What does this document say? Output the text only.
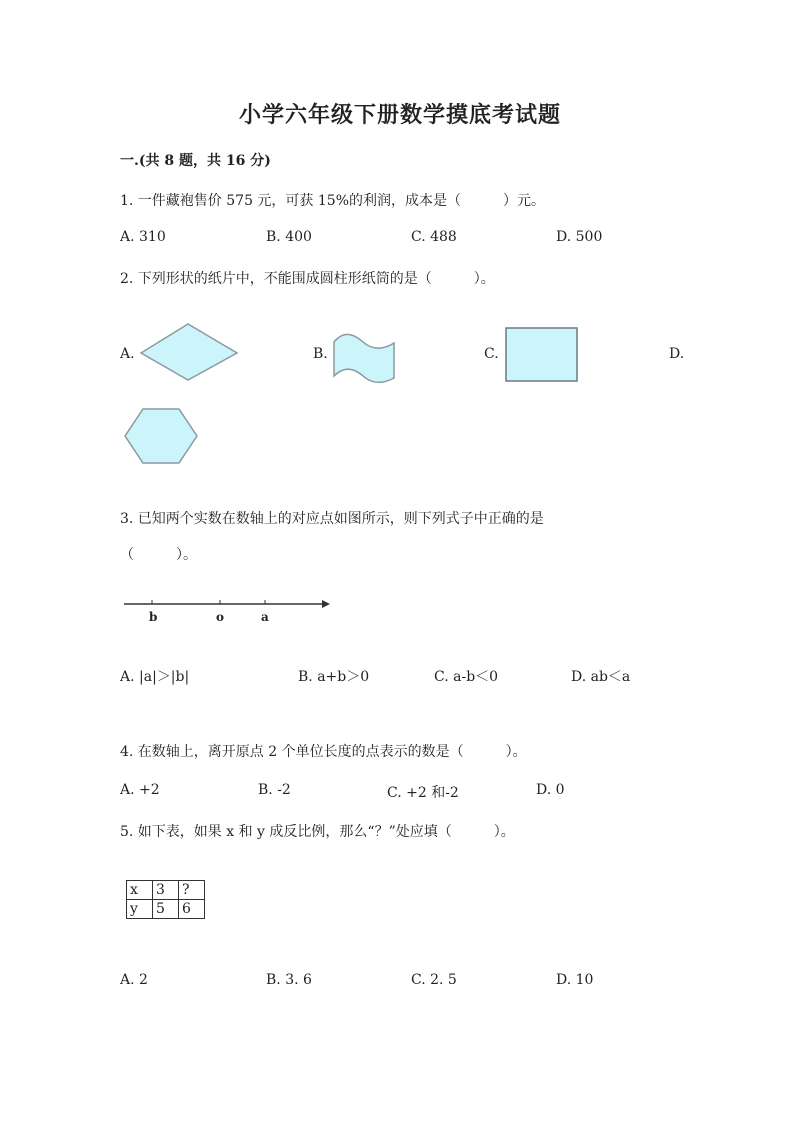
小学六年级下册数学摸底考试题
一.(共 8 题，共 16 分)
1. 一件藏袍售价 575 元，可获 15%的利润，成本是（　　　）元。
A. 310	B. 400	C. 488	D. 500
2. 下列形状的纸片中，不能围成圆柱形纸筒的是（　　　）。
A.	B.	C.	D.
3. 已知两个实数在数轴上的对应点如图所示，则下列式子中正确的是
（　　　）。
b	o	a
A. |a|＞|b|	B. a+b＞0	C. a-b＜0	D. ab＜a
4. 在数轴上，离开原点 2 个单位长度的点表示的数是（　　　）。
A. +2	B. -2	C. +2 和-2	D. 0
5. 如下表，如果 x 和 y 成反比例，那么“？”处应填（　　　）。
x	3	?
y	5	6
A. 2	B. 3. 6	C. 2. 5	D. 10
